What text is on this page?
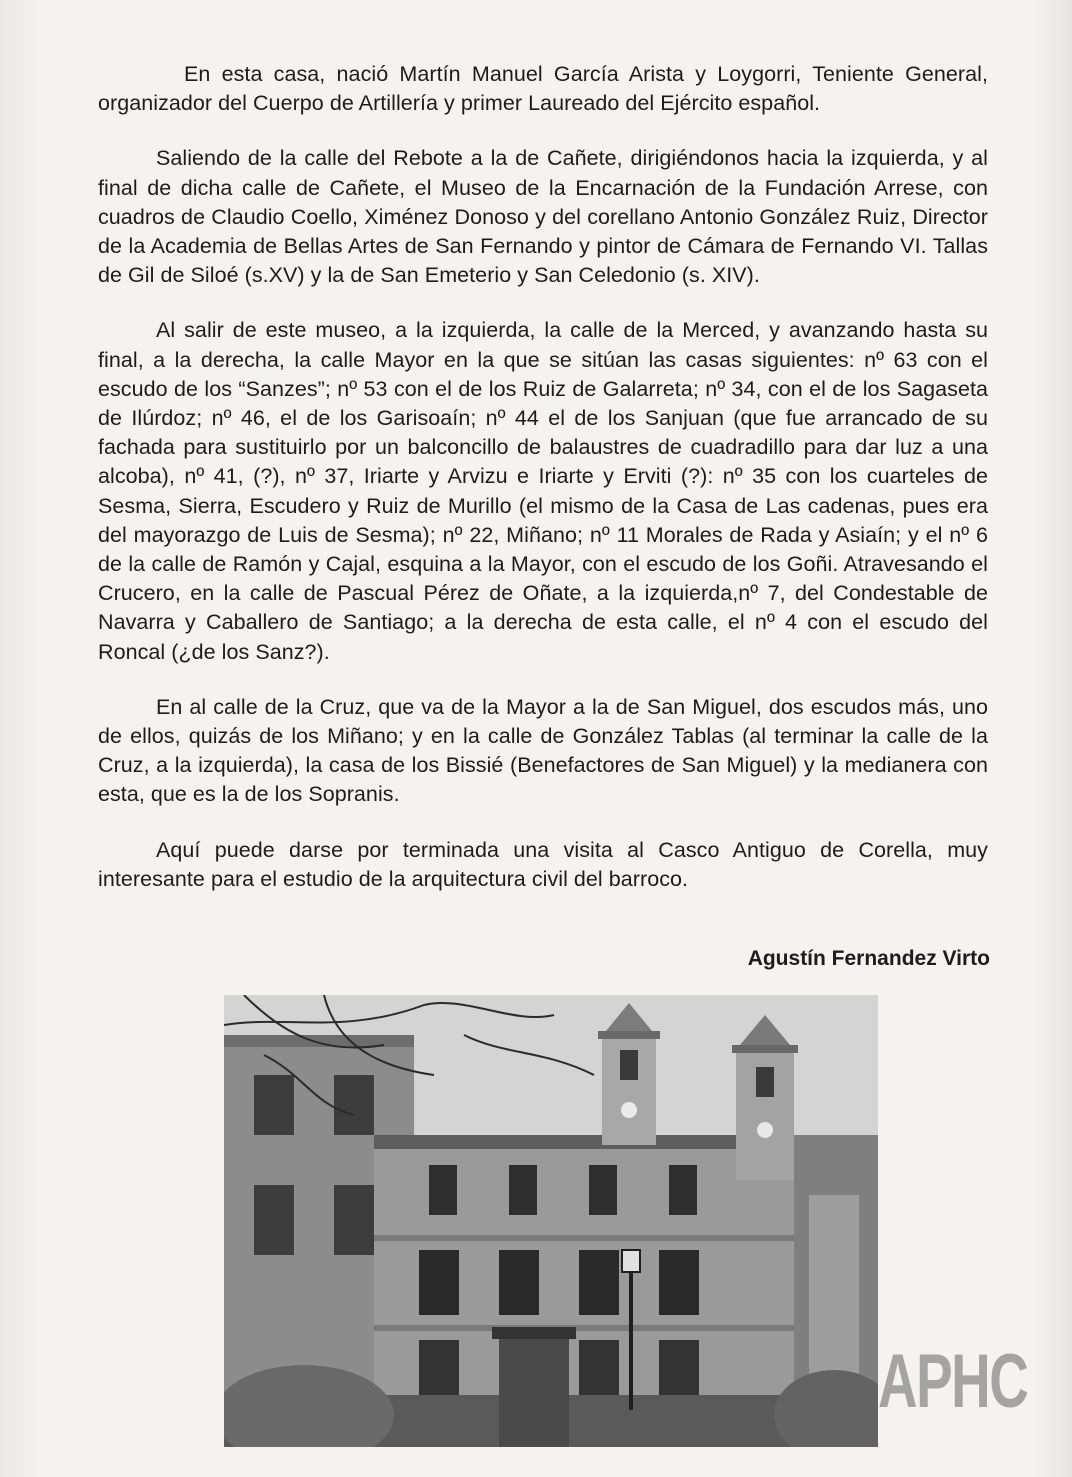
En esta casa, nació Martín Manuel García Arista y Loygorri, Teniente General, organizador del Cuerpo de Artillería y primer Laureado del Ejército español.

Saliendo de la calle del Rebote a la de Cañete, dirigiéndonos hacia la izquierda, y al final de dicha calle de Cañete, el Museo de la Encarnación de la Fundación Arrese, con cuadros de Claudio Coello, Ximénez Donoso y del corellano Antonio González Ruiz, Director de la Academia de Bellas Artes de San Fernando y pintor de Cámara de Fernando VI. Tallas de Gil de Siloé (s.XV) y la de San Emeterio y San Celedonio (s. XIV).

Al salir de este museo, a la izquierda, la calle de la Merced, y avanzando hasta su final, a la derecha, la calle Mayor en la que se sitúan las casas siguientes: nº 63 con el escudo de los “Sanzes”; nº 53 con el de los Ruiz de Galarreta; nº 34, con el de los Sagaseta de Ilúrdoz; nº 46, el de los Garisoaín; nº 44 el de los Sanjuan (que fue arrancado de su fachada para sustituirlo por un balconcillo de balaustres de cuadradillo para dar luz a una alcoba), nº 41, (?), nº 37, Iriarte y Arvizu e Iriarte y Erviti (?): nº 35 con los cuarteles de Sesma, Sierra, Escudero y Ruiz de Murillo (el mismo de la Casa de Las cadenas, pues era del mayorazgo de Luis de Sesma); nº 22, Miñano; nº 11 Morales de Rada y Asiaín; y el nº 6 de la calle de Ramón y Cajal, esquina a la Mayor, con el escudo de los Goñi. Atravesando el Crucero, en la calle de Pascual Pérez de Oñate, a la izquierda,nº 7, del Condestable de Navarra y Caballero de Santiago; a la derecha de esta calle, el nº 4 con el escudo del Roncal (¿de los Sanz?).

En al calle de la Cruz, que va de la Mayor a la de San Miguel, dos escudos más, uno de ellos, quizás de los Miñano; y en la calle de González Tablas (al terminar la calle de la Cruz, a la izquierda), la casa de los Bissié (Benefactores de San Miguel) y la medianera con esta, que es la de los Sopranis.

Aquí puede darse por terminada una visita al Casco Antiguo de Corella, muy interesante para el estudio de la arquitectura civil del barroco.

Agustín Fernandez Virto
APHC
